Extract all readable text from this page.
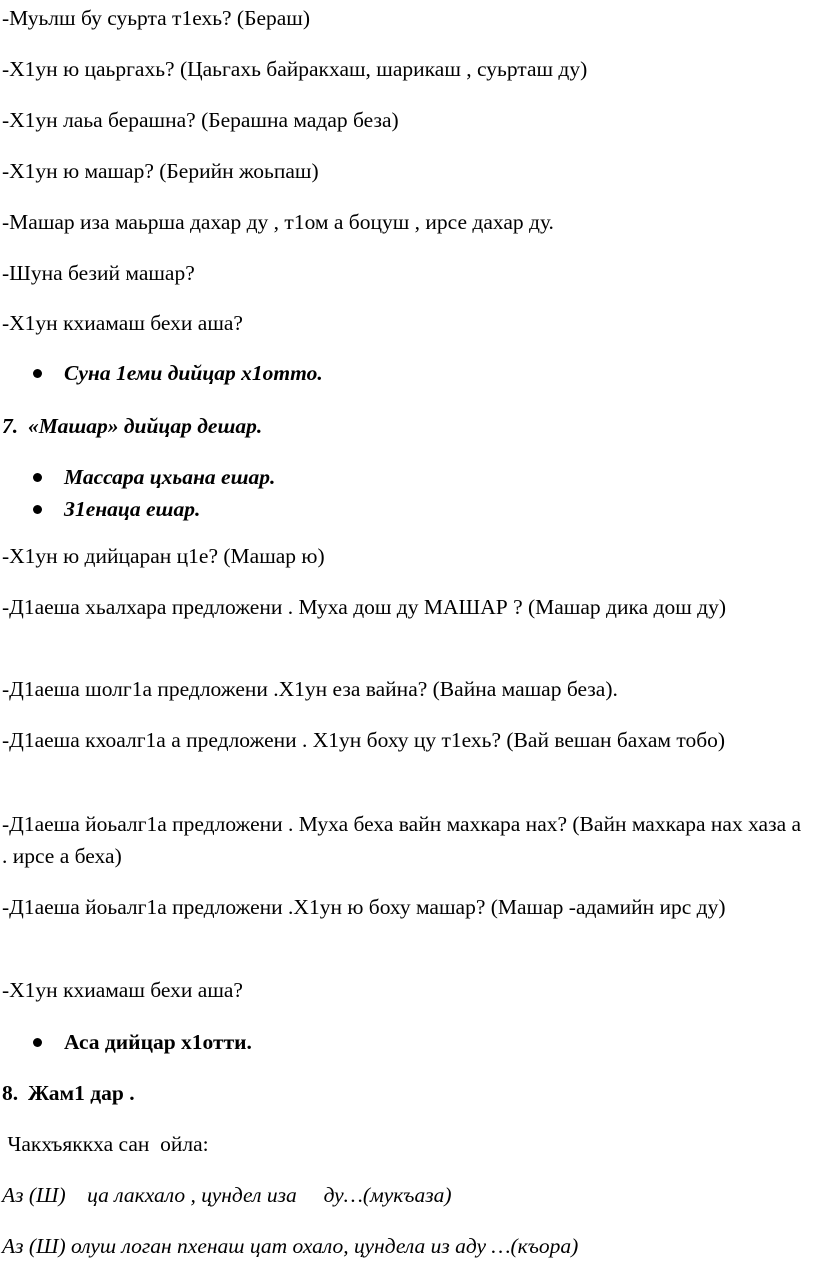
-Муьлш бу суьрта т1ехь? (Бераш)
-Х1ун ю цаьргахь? (Цаьгахь байракхаш, шарикаш , суьрташ ду)
-Х1ун лаьа берашна? (Берашна мадар беза)
-Х1ун ю машар? (Берийн жоьпаш)
-Машар иза маьрша дахар ду , т1ом а боцуш , ирсе дахар ду.
-Шуна безий машар?
-Х1ун кхиамаш бехи аша?
Суна 1еми дийцар х1отто.
7. «Машар» дийцар дешар.
Массара цхьана ешар.
З1енаца ешар.
-Х1ун ю дийцаран ц1е? (Машар ю)
-Д1аеша хьалхара предложени . Муха дош ду МАШАР ? (Машар дика дош ду)
-Д1аеша шолг1а предложени .Х1ун еза вайна? (Вайна машар беза).
-Д1аеша кхоалг1а а предложени . Х1ун боху цу т1ехь? (Вай вешан бахам тобо)
-Д1аеша йоьалг1а предложени . Муха беха вайн махкара нах? (Вайн махкара нах хаза а . ирсе а беха)
-Д1аеша йоьалг1а предложени .Х1ун ю боху машар? (Машар -адамийн ирс ду)
-Х1ун кхиамаш бехи аша?
Аса дийцар х1отти.
8. Жам1 дар .
Чакхъяккха сан  ойла:
Аз (Ш)    ца лакхало , цундел иза     ду…(мукъаза)
Аз (Ш) олуш логан пхенаш цат охало, цундела из аду …(къора)
